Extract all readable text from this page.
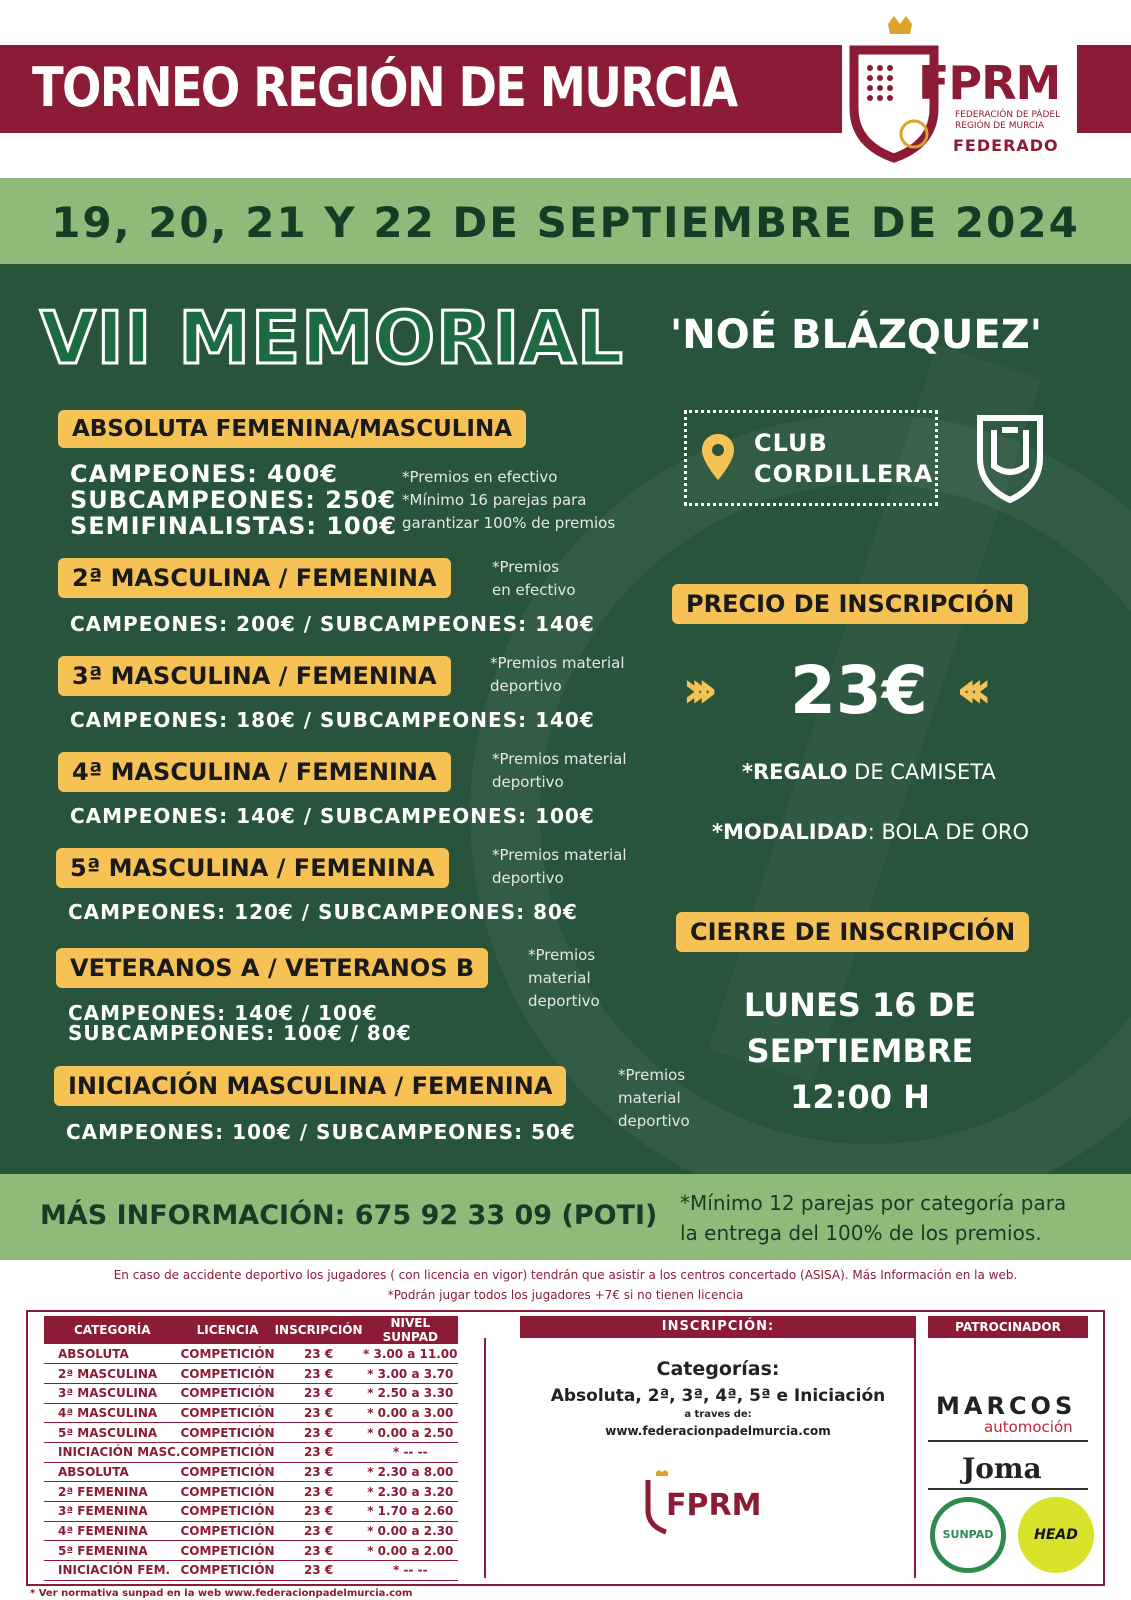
TORNEO REGIÓN DE MURCIA	FPRM
FEDERACIÓN DE PÁDEL
REGIÓN DE MURCIA
FEDERADO
19, 20, 21 Y 22 DE SEPTIEMBRE DE 2024
VII MEMORIAL 'NOÉ BLÁZQUEZ'
ABSOLUTA FEMENINA/MASCULINA
CAMPEONES: 400€
SUBCAMPEONES: 250€
SEMIFINALISTAS: 100€
*Premios en efectivo
*Mínimo 16 parejas para
garantizar 100% de premios
2ª MASCULINA / FEMENINA	*Premios
en efectivo
CAMPEONES: 200€ / SUBCAMPEONES: 140€
3ª MASCULINA / FEMENINA	*Premios material
deportivo
CAMPEONES: 180€ / SUBCAMPEONES: 140€
4ª MASCULINA / FEMENINA	*Premios material
deportivo
CAMPEONES: 140€ / SUBCAMPEONES: 100€
5ª MASCULINA / FEMENINA	*Premios material
deportivo
CAMPEONES: 120€ / SUBCAMPEONES: 80€
VETERANOS A / VETERANOS B	*Premios
material
deportivo
CAMPEONES: 140€ / 100€
SUBCAMPEONES: 100€ / 80€
INICIACIÓN MASCULINA / FEMENINA	*Premios
material
deportivo
CAMPEONES: 100€ / SUBCAMPEONES: 50€
CLUB
CORDILLERA
PRECIO DE INSCRIPCIÓN
››› 23€ ‹‹‹
*REGALO DE CAMISETA
*MODALIDAD: BOLA DE ORO
CIERRE DE INSCRIPCIÓN
LUNES 16 DE
SEPTIEMBRE
12:00 H
MÁS INFORMACIÓN: 675 92 33 09 (POTI) *Mínimo 12 parejas por categoría para
la entrega del 100% de los premios.
En caso de accidente deportivo los jugadores ( con licencia en vigor) tendrán que asistir a los centros concertado (ASISA). Más Información en la web.
*Podrán jugar todos los jugadores +7€ si no tienen licencia
CATEGORÍA	LICENCIA	INSCRIPCIÓN	NIVEL SUNPAD
ABSOLUTA	COMPETICIÓN	23 €	* 3.00 a 11.00
2ª MASCULINA	COMPETICIÓN	23 €	* 3.00 a 3.70
3ª MASCULINA	COMPETICIÓN	23 €	* 2.50 a 3.30
4ª MASCULINA	COMPETICIÓN	23 €	* 0.00 a 3.00
5ª MASCULINA	COMPETICIÓN	23 €	* 0.00 a 2.50
INICIACIÓN MASC.	COMPETICIÓN	23 €	* -- --
ABSOLUTA	COMPETICIÓN	23 €	* 2.30 a 8.00
2ª FEMENINA	COMPETICIÓN	23 €	* 2.30 a 3.20
3ª FEMENINA	COMPETICIÓN	23 €	* 1.70 a 2.60
4ª FEMENINA	COMPETICIÓN	23 €	* 0.00 a 2.30
5ª FEMENINA	COMPETICIÓN	23 €	* 0.00 a 2.00
INICIACIÓN FEM.	COMPETICIÓN	23 €	* -- --
INSCRIPCIÓN:
Categorías:
Absoluta, 2ª, 3ª, 4ª, 5ª e Iniciación
a traves de:
www.federacionpadelmurcia.com
FPRM
PATROCINADOR OFICIAL
MARCOS
automoción
Joma
SUNPAD	HEAD
* Ver normativa sunpad en la web www.federacionpadelmurcia.com
